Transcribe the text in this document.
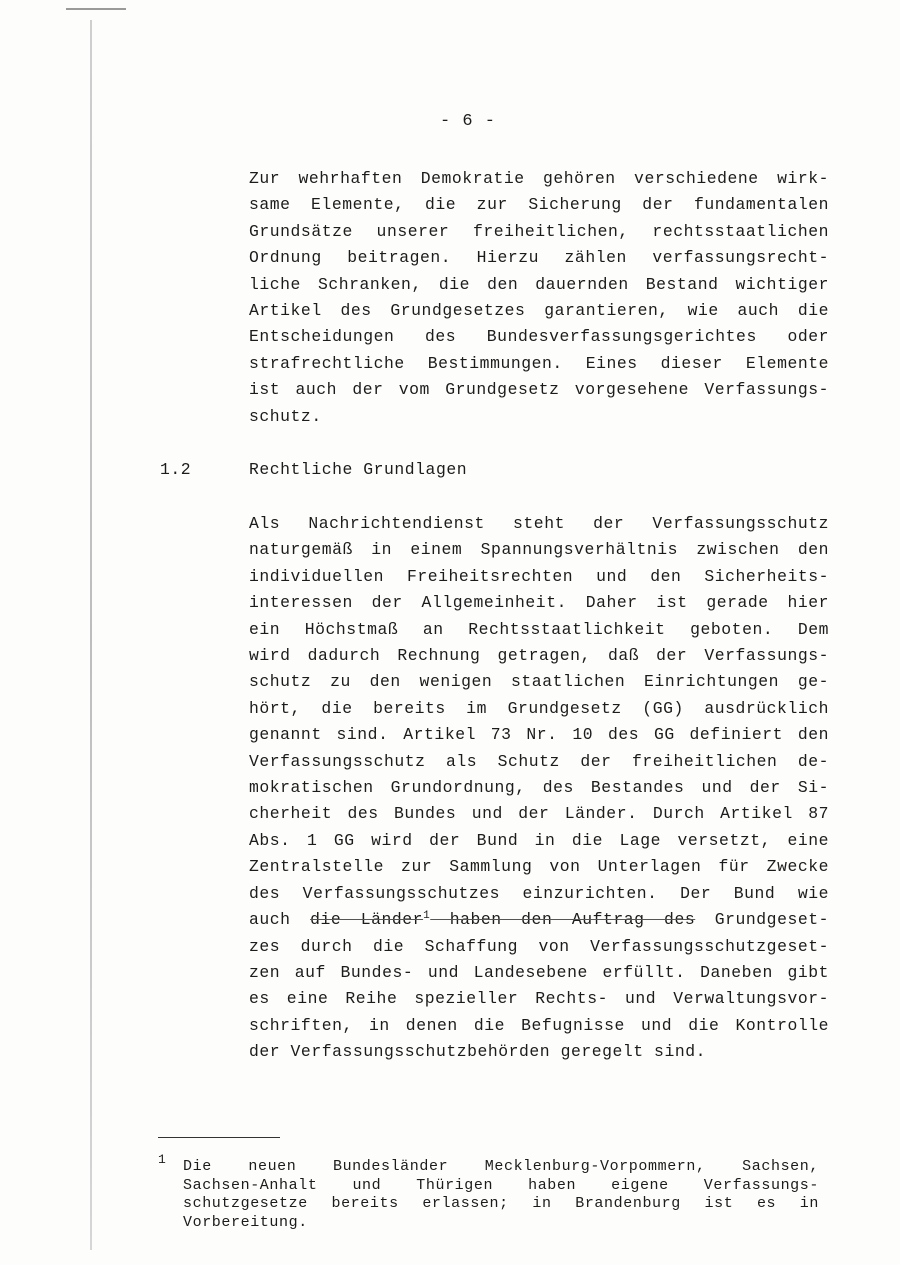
- 6 -
Zur wehrhaften Demokratie gehören verschiedene wirk-
same Elemente, die zur Sicherung der fundamentalen
Grundsätze unserer freiheitlichen, rechtsstaatlichen
Ordnung beitragen. Hierzu zählen verfassungsrecht-
liche Schranken, die den dauernden Bestand wichtiger
Artikel des Grundgesetzes garantieren, wie auch die
Entscheidungen des Bundesverfassungsgerichtes oder
strafrechtliche Bestimmungen. Eines dieser Elemente
ist auch der vom Grundgesetz vorgesehene Verfassungs-
schutz.
1.2	Rechtliche Grundlagen
Als Nachrichtendienst steht der Verfassungsschutz
naturgemäß in einem Spannungsverhältnis zwischen den
individuellen Freiheitsrechten und den Sicherheits-
interessen der Allgemeinheit. Daher ist gerade hier
ein Höchstmaß an Rechtsstaatlichkeit geboten. Dem
wird dadurch Rechnung getragen, daß der Verfassungs-
schutz zu den wenigen staatlichen Einrichtungen ge-
hört, die bereits im Grundgesetz (GG) ausdrücklich
genannt sind. Artikel 73 Nr. 10 des GG definiert den
Verfassungsschutz als Schutz der freiheitlichen de-
mokratischen Grundordnung, des Bestandes und der Si-
cherheit des Bundes und der Länder. Durch Artikel 87
Abs. 1 GG wird der Bund in die Lage versetzt, eine
Zentralstelle zur Sammlung von Unterlagen für Zwecke
des Verfassungsschutzes einzurichten. Der Bund wie
auch die Länder$^1$ haben den Auftrag des Grundgeset-
zes durch die Schaffung von Verfassungsschutzgeset-
zen auf Bundes- und Landesebene erfüllt. Daneben gibt
es eine Reihe spezieller Rechts- und Verwaltungsvor-
schriften, in denen die Befugnisse und die Kontrolle
der Verfassungsschutzbehörden geregelt sind.
1 Die neuen Bundesländer Mecklenburg-Vorpommern, Sachsen,
Sachsen-Anhalt und Thürigen haben eigene Verfassungs-
schutzgesetze bereits erlassen; in Brandenburg ist es in
Vorbereitung.
